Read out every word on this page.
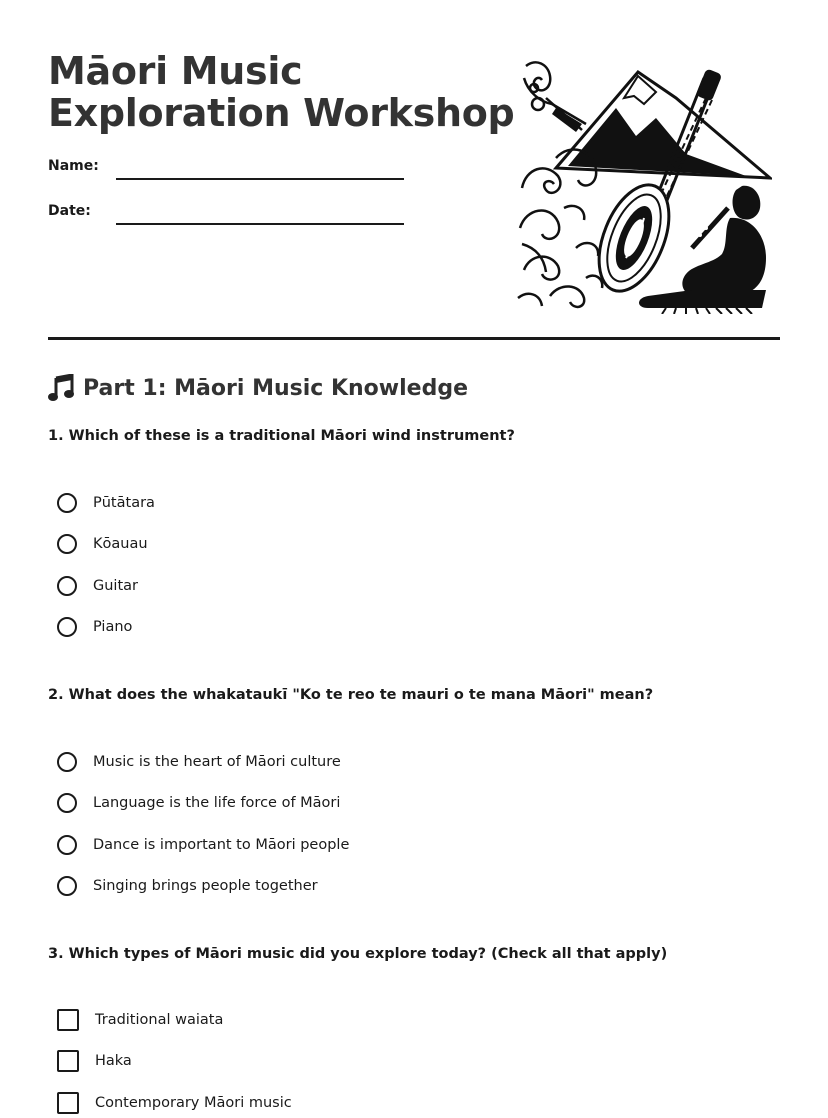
Māori Music
Exploration Workshop
Name:
Date:
Part 1: Māori Music Knowledge

1. Which of these is a traditional Māori wind instrument?

Pūtātara
Kōauau
Guitar
Piano

2. What does the whakataukī "Ko te reo te mauri o te mana Māori" mean?

Music is the heart of Māori culture
Language is the life force of Māori
Dance is important to Māori people
Singing brings people together

3. Which types of Māori music did you explore today? (Check all that apply)

Traditional waiata
Haka
Contemporary Māori music
